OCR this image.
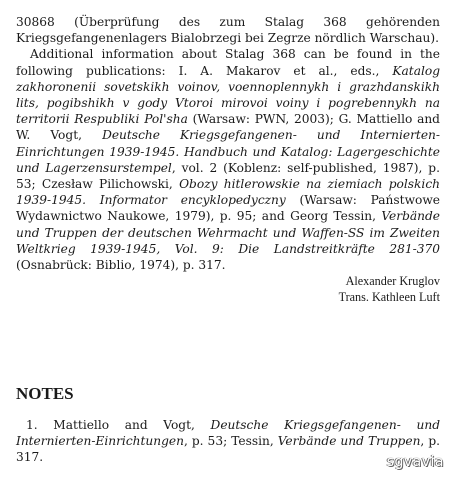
30868 (Überprüfung des zum Stalag 368 gehörenden Kriegsgefangenenlagers Bialobrzegi bei Zegrze nördlich Warschau).

Additional information about Stalag 368 can be found in the following publications: I. A. Makarov et al., eds., Katalog zakhoronenii sovetskikh voinov, voennoplennykh i grazhdanskikh lits, pogibshikh v gody Vtoroi mirovoi voiny i pogrebennykh na territorii Respubliki Pol'sha (Warsaw: PWN, 2003); G. Mattiello and W. Vogt, Deutsche Kriegsgefangenen- und Internierten-Einrichtungen 1939-1945. Handbuch und Katalog: Lagergeschichte und Lagerzensurstempel, vol. 2 (Koblenz: self-published, 1987), p. 53; Czesław Pilichowski, Obozy hitlerowskie na ziemiach polskich 1939-1945. Informator encyklopedyczny (Warsaw: Państwowe Wydawnictwo Naukowe, 1979), p. 95; and Georg Tessin, Verbände und Truppen der deutschen Wehrmacht und Waffen-SS im Zweiten Weltkrieg 1939-1945, Vol. 9: Die Landstreitkräfte 281-370 (Osnabrück: Biblio, 1974), p. 317.

Alexander Kruglov
Trans. Kathleen Luft
NOTES

1. Mattiello and Vogt, Deutsche Kriegsgefangenen- und Internierten-Einrichtungen, p. 53; Tessin, Verbände und Truppen, p. 317.	sgvavia
